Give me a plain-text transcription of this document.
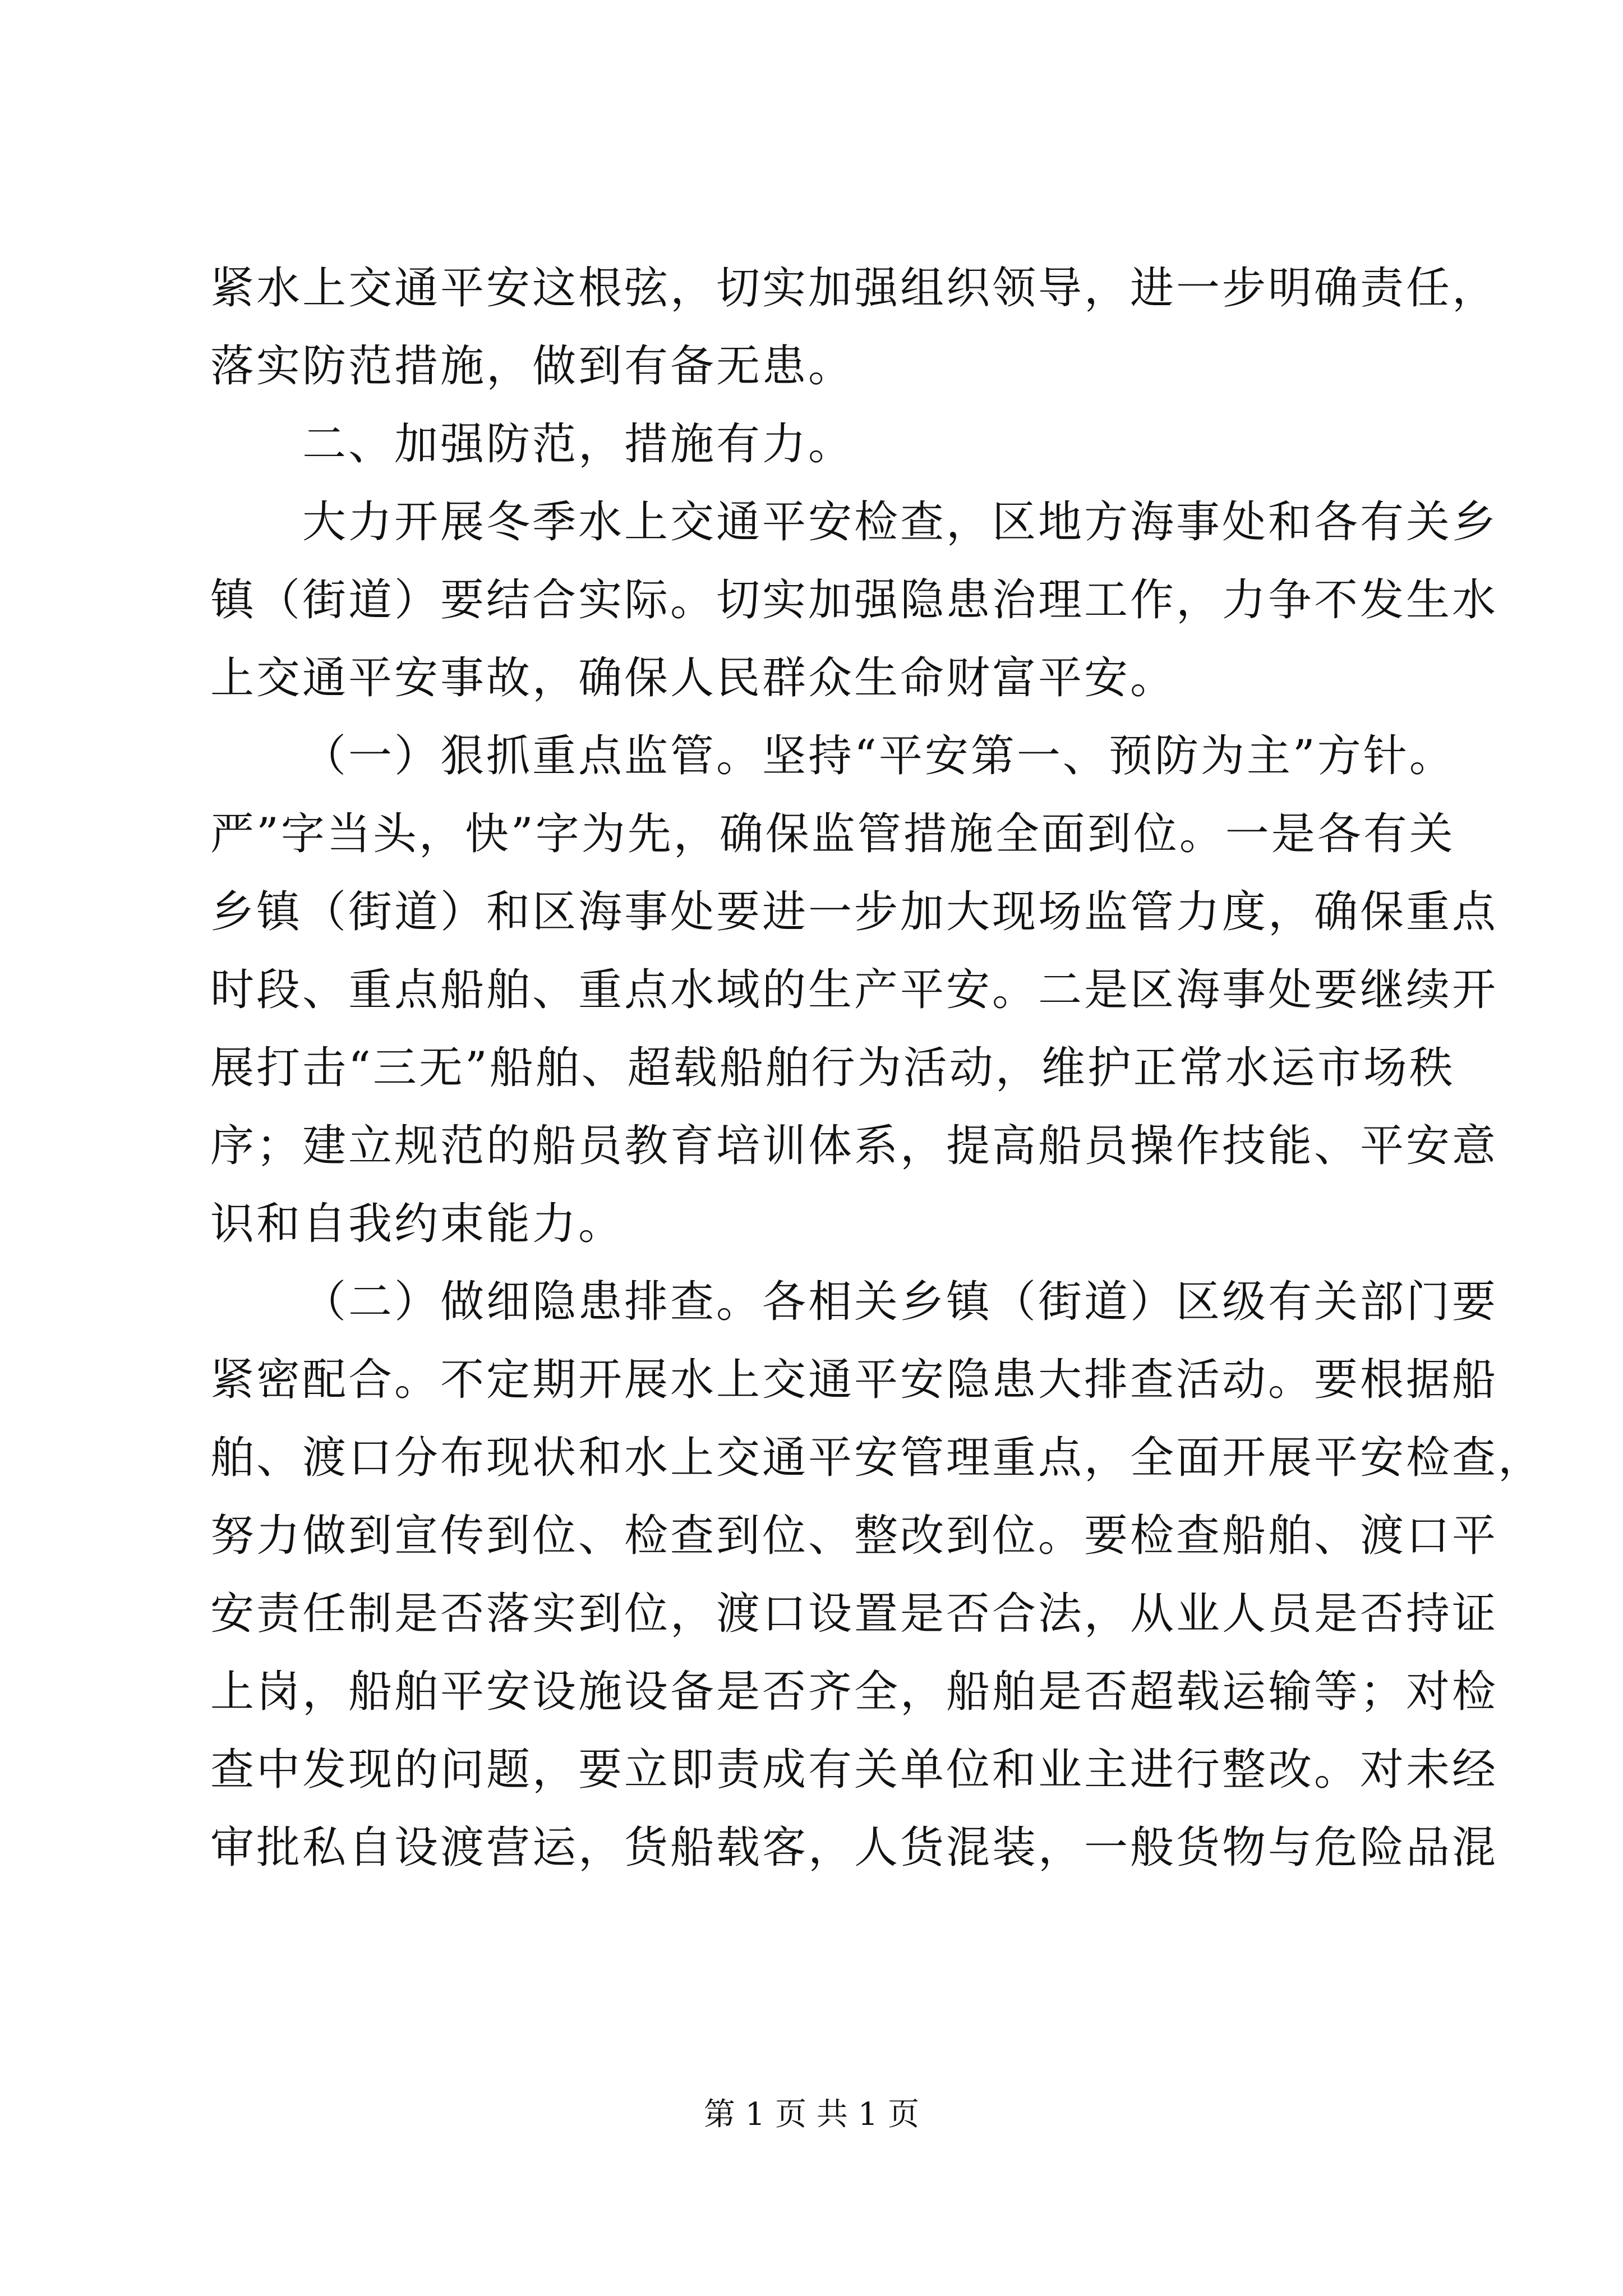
紧水上交通平安这根弦，切实加强组织领导，进一步明确责任，
落实防范措施，做到有备无患。
二、加强防范，措施有力。
大力开展冬季水上交通平安检查，区地方海事处和各有关乡
镇（街道）要结合实际。切实加强隐患治理工作，力争不发生水
上交通平安事故，确保人民群众生命财富平安。
（一）狠抓重点监管。坚持“平安第一、预防为主”方针。
严”字当头，快”字为先，确保监管措施全面到位。一是各有关
乡镇（街道）和区海事处要进一步加大现场监管力度，确保重点
时段、重点船舶、重点水域的生产平安。二是区海事处要继续开
展打击“三无”船舶、超载船舶行为活动，维护正常水运市场秩
序；建立规范的船员教育培训体系，提高船员操作技能、平安意
识和自我约束能力。
（二）做细隐患排查。各相关乡镇（街道）区级有关部门要
紧密配合。不定期开展水上交通平安隐患大排查活动。要根据船
舶、渡口分布现状和水上交通平安管理重点，全面开展平安检查，
努力做到宣传到位、检查到位、整改到位。要检查船舶、渡口平
安责任制是否落实到位，渡口设置是否合法，从业人员是否持证
上岗，船舶平安设施设备是否齐全，船舶是否超载运输等；对检
查中发现的问题，要立即责成有关单位和业主进行整改。对未经
审批私自设渡营运，货船载客，人货混装，一般货物与危险品混
第 1 页 共 1 页
